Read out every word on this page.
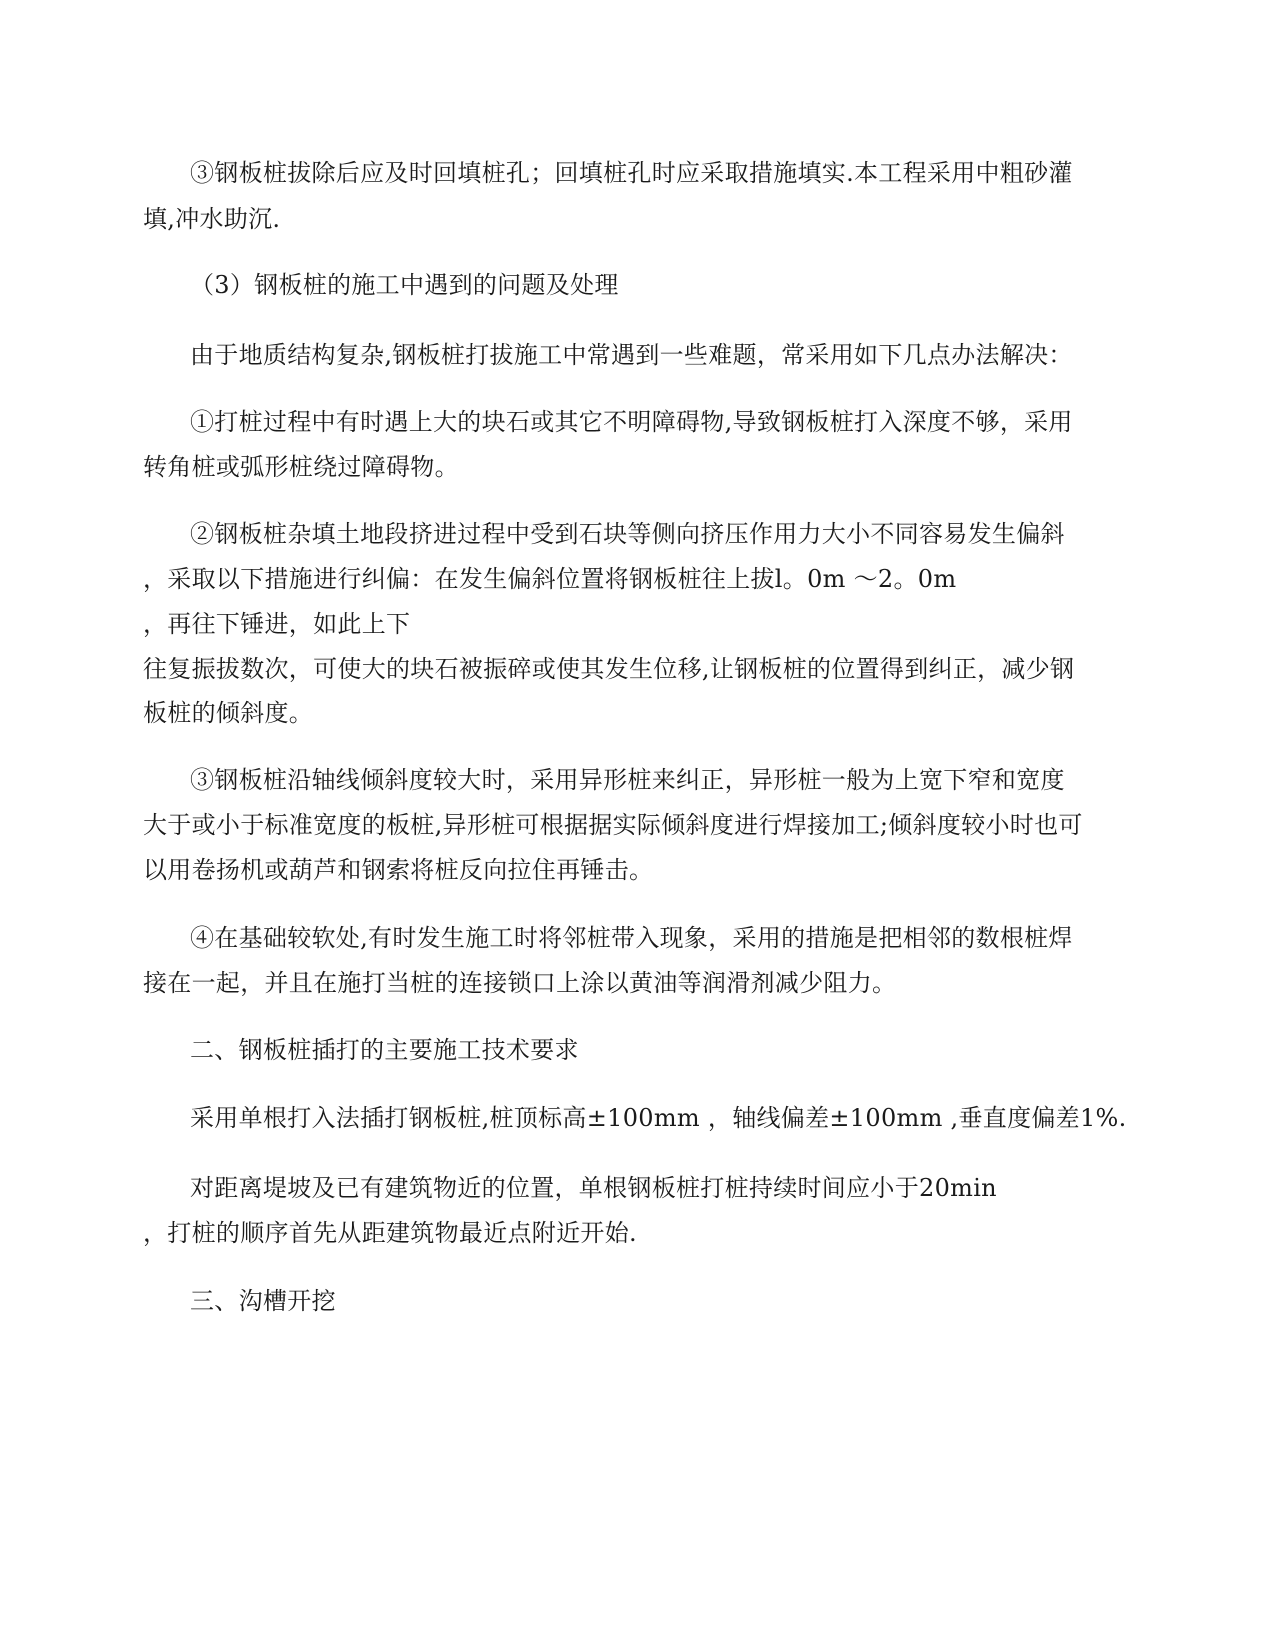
③钢板桩拔除后应及时回填桩孔；回填桩孔时应采取措施填实.本工程采用中粗砂灌
填,冲水助沉.
（3）钢板桩的施工中遇到的问题及处理
由于地质结构复杂,钢板桩打拔施工中常遇到一些难题，常采用如下几点办法解决：
①打桩过程中有时遇上大的块石或其它不明障碍物,导致钢板桩打入深度不够，采用
转角桩或弧形桩绕过障碍物。
②钢板桩杂填土地段挤进过程中受到石块等侧向挤压作用力大小不同容易发生偏斜
，采取以下措施进行纠偏：在发生偏斜位置将钢板桩往上拔l。0m ～2。0m
，再往下锤进，如此上下
往复振拔数次，可使大的块石被振碎或使其发生位移,让钢板桩的位置得到纠正，减少钢
板桩的倾斜度。
③钢板桩沿轴线倾斜度较大时，采用异形桩来纠正，异形桩一般为上宽下窄和宽度
大于或小于标准宽度的板桩,异形桩可根据据实际倾斜度进行焊接加工;倾斜度较小时也可
以用卷扬机或葫芦和钢索将桩反向拉住再锤击。
④在基础较软处,有时发生施工时将邻桩带入现象，采用的措施是把相邻的数根桩焊
接在一起，并且在施打当桩的连接锁口上涂以黄油等润滑剂减少阻力。
二、钢板桩插打的主要施工技术要求
采用单根打入法插打钢板桩,桩顶标高±100mm ，轴线偏差±100mm ,垂直度偏差1%.
对距离堤坡及已有建筑物近的位置，单根钢板桩打桩持续时间应小于20min
，打桩的顺序首先从距建筑物最近点附近开始.
三、沟槽开挖
